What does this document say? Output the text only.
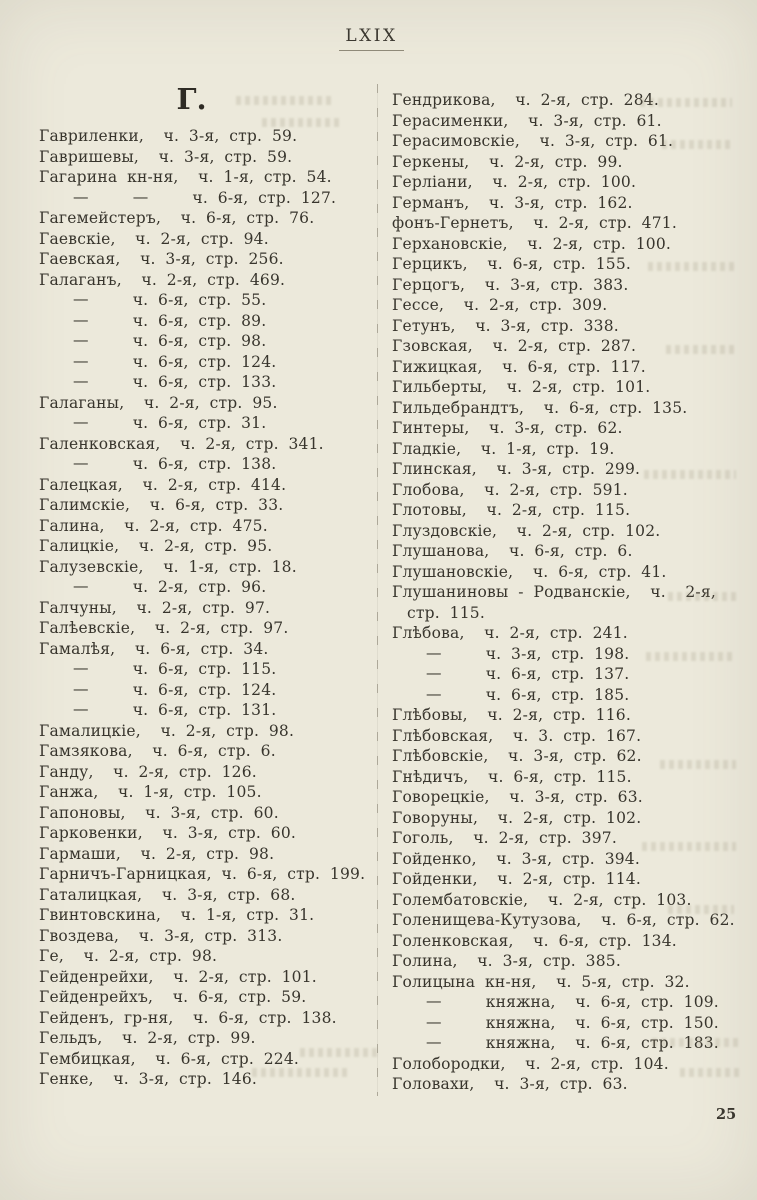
LXIX
Г.
Гавриленки,  ч. 3-я, стр. 59.
Гавришевы,  ч. 3-я, стр. 59.
Гагарина кн-ня,  ч. 1-я, стр. 54.
—	—	ч. 6-я, стр. 127.
Гагемейстеръ,  ч. 6-я, стр. 76.
Гаевскіе,  ч. 2-я, стр. 94.
Гаевская,  ч. 3-я, стр. 256.
Галаганъ,  ч. 2-я, стр. 469.
—	ч. 6-я, стр. 55.
—	ч. 6-я, стр. 89.
—	ч. 6-я, стр. 98.
—	ч. 6-я, стр. 124.
—	ч. 6-я, стр. 133.
Галаганы,  ч. 2-я, стр. 95.
—	ч. 6-я, стр. 31.
Галенковская,  ч. 2-я, стр. 341.
—	ч. 6-я, стр. 138.
Галецкая,  ч. 2-я, стр. 414.
Галимскіе,  ч. 6-я, стр. 33.
Галина,  ч. 2-я, стр. 475.
Галицкіе,  ч. 2-я, стр. 95.
Галузевскіе,  ч. 1-я, стр. 18.
—	ч. 2-я, стр. 96.
Галчуны,  ч. 2-я, стр. 97.
Галѣевскіе,  ч. 2-я, стр. 97.
Гамалѣя,  ч. 6-я, стр. 34.
—	ч. 6-я, стр. 115.
—	ч. 6-я, стр. 124.
—	ч. 6-я, стр. 131.
Гамалицкіе,  ч. 2-я, стр. 98.
Гамзякова,  ч. 6-я, стр. 6.
Ганду,  ч. 2-я, стр. 126.
Ганжа,  ч. 1-я, стр. 105.
Гапоновы,  ч. 3-я, стр. 60.
Гарковенки,  ч. 3-я, стр. 60.
Гармаши,  ч. 2-я, стр. 98.
Гарничъ-Гарницкая, ч. 6-я, стр. 199.
Гаталицкая,  ч. 3-я, стр. 68.
Гвинтовскина,  ч. 1-я, стр. 31.
Гвоздева,  ч. 3-я, стр. 313.
Ге,  ч. 2-я, стр. 98.
Гейденрейхи,  ч. 2-я, стр. 101.
Гейденрейхъ,  ч. 6-я, стр. 59.
Гейденъ, гр-ня,  ч. 6-я, стр. 138.
Гельдъ,  ч. 2-я, стр. 99.
Гембицкая,  ч. 6-я, стр. 224.
Генке,  ч. 3-я, стр. 146.
Гендрикова,  ч. 2-я, стр. 284.
Герасименки,  ч. 3-я, стр. 61.
Герасимовскіе,  ч. 3-я, стр. 61.
Геркены,  ч. 2-я, стр. 99.
Герліани,  ч. 2-я, стр. 100.
Германъ,  ч. 3-я, стр. 162.
фонъ-Гернетъ,  ч. 2-я, стр. 471.
Герхановскіе,  ч. 2-я, стр. 100.
Герцикъ,  ч. 6-я, стр. 155.
Герцогъ,  ч. 3-я, стр. 383.
Гессе,  ч. 2-я, стр. 309.
Гетунъ,  ч. 3-я, стр. 338.
Гзовская,  ч. 2-я, стр. 287.
Гижицкая,  ч. 6-я, стр. 117.
Гильберты,  ч. 2-я, стр. 101.
Гильдебрандтъ,  ч. 6-я, стр. 135.
Гинтеры,  ч. 3-я, стр. 62.
Гладкіе,  ч. 1-я, стр. 19.
Глинская,  ч. 3-я, стр. 299.
Глобова,  ч. 2-я, стр. 591.
Глотовы,  ч. 2-я, стр. 115.
Глуздовскіе,  ч. 2-я, стр. 102.
Глушанова,  ч. 6-я, стр. 6.
Глушановскіе,  ч. 6-я, стр. 41.
Глушаниновы - Родванскіе,  ч.  2-я,
стр. 115.
Глѣбова,  ч. 2-я, стр. 241.
—	ч. 3-я, стр. 198.
—	ч. 6-я, стр. 137.
—	ч. 6-я, стр. 185.
Глѣбовы,  ч. 2-я, стр. 116.
Глѣбовская,  ч. 3. стр. 167.
Глѣбовскіе,  ч. 3-я, стр. 62.
Гнѣдичъ,  ч. 6-я, стр. 115.
Говорецкіе,  ч. 3-я, стр. 63.
Говоруны,  ч. 2-я, стр. 102.
Гоголь,  ч. 2-я, стр. 397.
Гойденко,  ч. 3-я, стр. 394.
Гойденки,  ч. 2-я, стр. 114.
Голембатовскіе,  ч. 2-я, стр. 103.
Голенищева-Кутузова,  ч. 6-я, стр. 62.
Голенковская,  ч. 6-я, стр. 134.
Голина,  ч. 3-я, стр. 385.
Голицына кн-ня,  ч. 5-я, стр. 32.
—	княжна,  ч. 6-я, стр. 109.
—	княжна,  ч. 6-я, стр. 150.
—	княжна,  ч. 6-я, стр. 183.
Голобородки,  ч. 2-я, стр. 104.
Головахи,  ч. 3-я, стр. 63.
25
